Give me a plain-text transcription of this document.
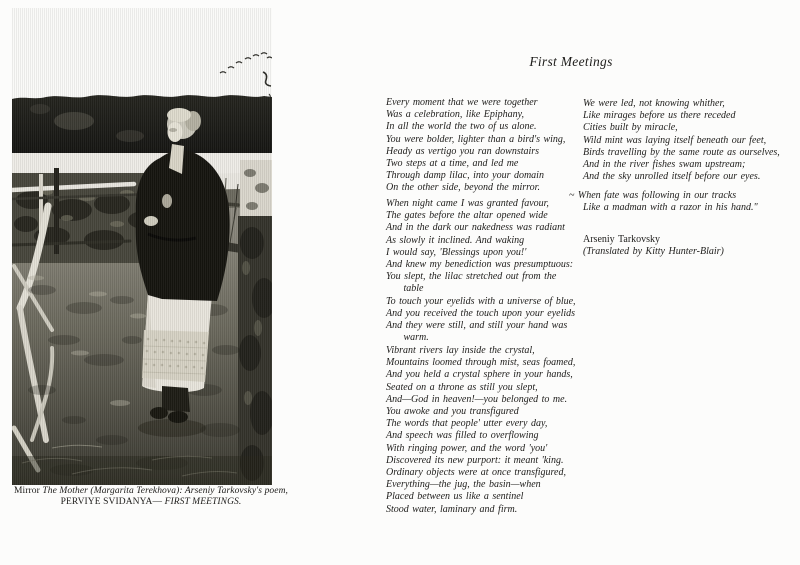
Mirror The Mother (Margarita Terekhova): Arseniy Tarkovsky's poem,
PERVIYE SVIDANYA— FIRST MEETINGS.

First Meetings
Every moment that we were together
Was a celebration, like Epiphany,
In all the world the two of us alone.
You were bolder, lighter than a bird's wing,
Heady as vertigo you ran downstairs
Two steps at a time, and led me
Through damp lilac, into your domain
On the other side, beyond the mirror.
When night came I was granted favour,
The gates before the altar opened wide
And in the dark our nakedness was radiant
As slowly it inclined. And waking
I would say, 'Blessings upon you!'
And knew my benediction was presumptuous:
You slept, the lilac stretched out from the
table
To touch your eyelids with a universe of blue,
And you received the touch upon your eyelids
And they were still, and still your hand was
warm.
Vibrant rivers lay inside the crystal,
Mountains loomed through mist, seas foamed,
And you held a crystal sphere in your hands,
Seated on a throne as still you slept,
And—God in heaven!—you belonged to me.
You awoke and you transfigured
The words that people' utter every day,
And speech was filled to overflowing
With ringing power, and the word 'you'
Discovered its new purport: it meant 'king.
Ordinary objects were at once transfigured,
Everything—the jug, the basin—when
Placed between us like a sentinel
Stood water, laminary and firm.
We were led, not knowing whither,
Like mirages before us there receded
Cities built by miracle,
Wild mint was laying itself beneath our feet,
Birds travelling by the same route as ourselves,
And in the river fishes swam upstream;
And the sky unrolled itself before our eyes.
~ When fate was following in our tracks
Like a madman with a razor in his hand."
Arseniy Tarkovsky
(Translated by Kitty Hunter-Blair)
